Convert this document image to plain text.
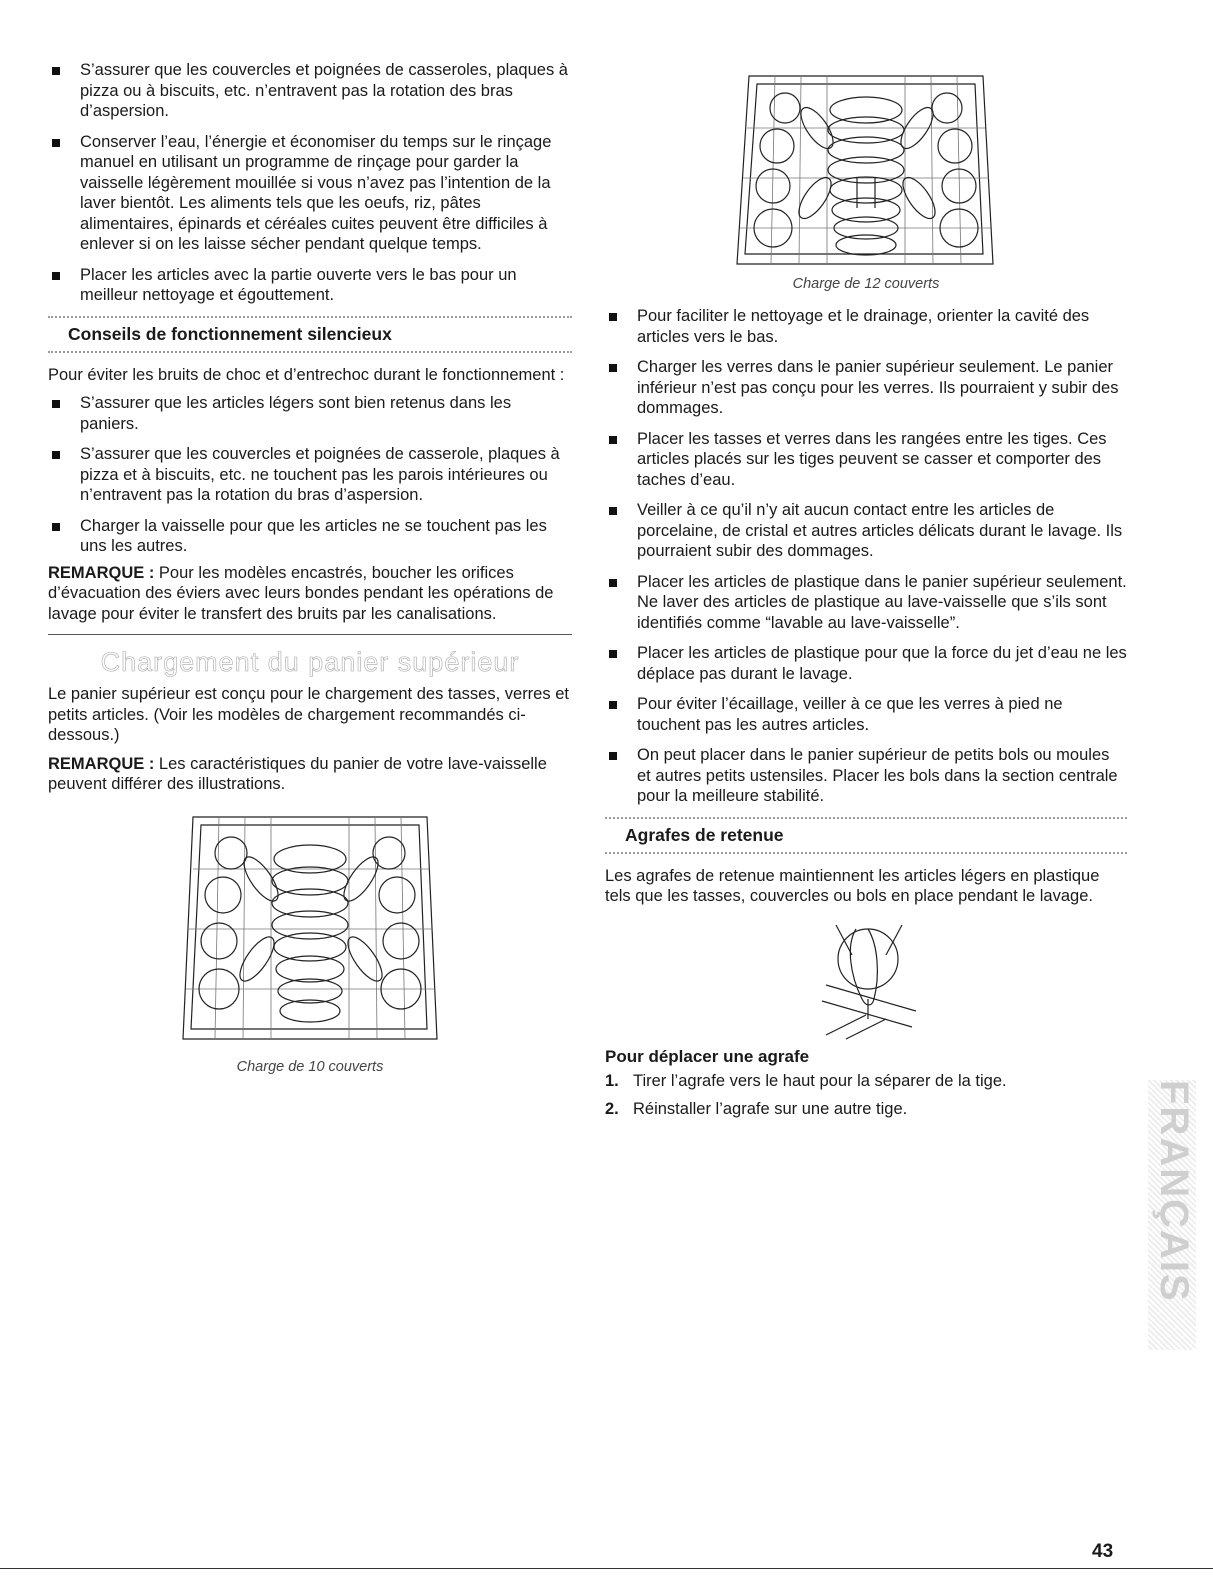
S’assurer que les couvercles et poignées de casseroles, plaques à pizza ou à biscuits, etc. n’entravent pas la rotation des bras d’aspersion.
Conserver l’eau, l’énergie et économiser du temps sur le rinçage manuel en utilisant un programme de rinçage pour garder la vaisselle légèrement mouillée si vous n’avez pas l’intention de la laver bientôt. Les aliments tels que les oeufs, riz, pâtes alimentaires, épinards et céréales cuites peuvent être difficiles à enlever si on les laisse sécher pendant quelque temps.
Placer les articles avec la partie ouverte vers le bas pour un meilleur nettoyage et égouttement.
Conseils de fonctionnement silencieux

Pour éviter les bruits de choc et d’entrechoc durant le fonctionnement :

S’assurer que les articles légers sont bien retenus dans les paniers.
S’assurer que les couvercles et poignées de casserole, plaques à pizza et à biscuits, etc. ne touchent pas les parois intérieures ou n’entravent pas la rotation du bras d’aspersion.
Charger la vaisselle pour que les articles ne se touchent pas les uns les autres.

REMARQUE : Pour les modèles encastrés, boucher les orifices d’évacuation des éviers avec leurs bondes pendant les opérations de lavage pour éviter le transfert des bruits par les canalisations.

Chargement du panier supérieur

Le panier supérieur est conçu pour le chargement des tasses, verres et petits articles. (Voir les modèles de chargement recommandés ci-dessous.)

REMARQUE : Les caractéristiques du panier de votre lave-vaisselle peuvent différer des illustrations.

Charge de 10 couverts
Charge de 12 couverts
Pour faciliter le nettoyage et le drainage, orienter la cavité des articles vers le bas.
Charger les verres dans le panier supérieur seulement. Le panier inférieur n’est pas conçu pour les verres. Ils pourraient y subir des dommages.
Placer les tasses et verres dans les rangées entre les tiges. Ces articles placés sur les tiges peuvent se casser et comporter des taches d’eau.
Veiller à ce qu’il n’y ait aucun contact entre les articles de porcelaine, de cristal et autres articles délicats durant le lavage. Ils pourraient subir des dommages.
Placer les articles de plastique dans le panier supérieur seulement. Ne laver des articles de plastique au lave-vaisselle que s’ils sont identifiés comme “lavable au lave-vaisselle”.
Placer les articles de plastique pour que la force du jet d’eau ne les déplace pas durant le lavage.
Pour éviter l’écaillage, veiller à ce que les verres à pied ne touchent pas les autres articles.
On peut placer dans le panier supérieur de petits bols ou moules et autres petits ustensiles. Placer les bols dans la section centrale pour la meilleure stabilité.
Agrafes de retenue

Les agrafes de retenue maintiennent les articles légers en plastique tels que les tasses, couvercles ou bols en place pendant le lavage.

Pour déplacer une agrafe
1. Tirer l’agrafe vers le haut pour la séparer de la tige.
2. Réinstaller l’agrafe sur une autre tige.	FRANÇAIS
43
